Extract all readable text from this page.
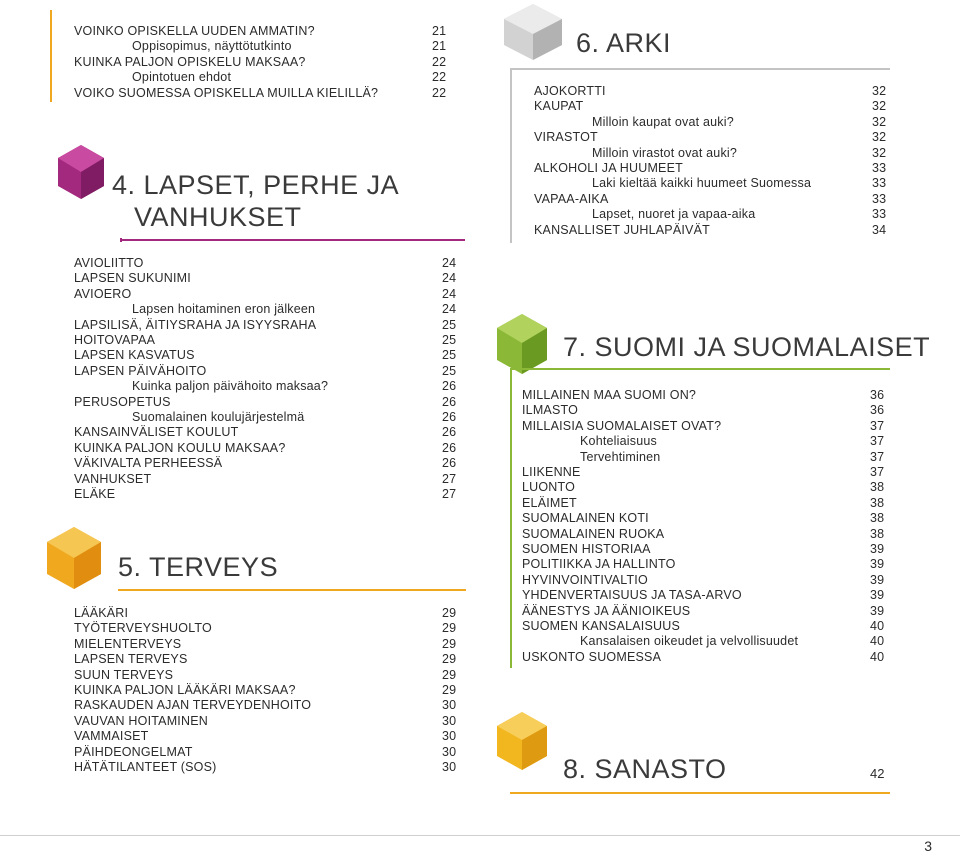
VOINKO OPISKELLA UUDEN AMMATIN?	21
Oppisopimus, näyttötutkinto	21
KUINKA PALJON OPISKELU MAKSAA?	22
Opintotuen ehdot	22
VOIKO SUOMESSA OPISKELLA MUILLA KIELILLÄ?	22
4. LAPSET, PERHE JA
VANHUKSET
AVIOLIITTO	24
LAPSEN SUKUNIMI	24
AVIOERO	24
Lapsen hoitaminen eron jälkeen	24
LAPSILISÄ, ÄITIYSRAHA JA ISYYSRAHA	25
HOITOVAPAA	25
LAPSEN KASVATUS	25
LAPSEN PÄIVÄHOITO	25
Kuinka paljon päivähoito maksaa?	26
PERUSOPETUS	26
Suomalainen koulujärjestelmä	26
KANSAINVÄLISET KOULUT	26
KUINKA PALJON KOULU MAKSAA?	26
VÄKIVALTA PERHEESSÄ	26
VANHUKSET	27
ELÄKE	27
5. TERVEYS
LÄÄKÄRI	29
TYÖTERVEYSHUOLTO	29
MIELENTERVEYS	29
LAPSEN TERVEYS	29
SUUN TERVEYS	29
KUINKA PALJON LÄÄKÄRI MAKSAA?	29
RASKAUDEN AJAN TERVEYDENHOITO	30
VAUVAN HOITAMINEN	30
VAMMAISET	30
PÄIHDEONGELMAT	30
HÄTÄTILANTEET (SOS)	30
6. ARKI
AJOKORTTI	32
KAUPAT	32
Milloin kaupat ovat auki?	32
VIRASTOT	32
Milloin virastot ovat auki?	32
ALKOHOLI JA HUUMEET	33
Laki kieltää kaikki huumeet Suomessa	33
VAPAA-AIKA	33
Lapset, nuoret ja vapaa-aika	33
KANSALLISET JUHLAPÄIVÄT	34
7. SUOMI JA SUOMALAISET
MILLAINEN MAA SUOMI ON?	36
ILMASTO	36
MILLAISIA SUOMALAISET OVAT?	37
Kohteliaisuus	37
Tervehtiminen	37
LIIKENNE	37
LUONTO	38
ELÄIMET	38
SUOMALAINEN KOTI	38
SUOMALAINEN RUOKA	38
SUOMEN HISTORIAA	39
POLITIIKKA JA HALLINTO	39
HYVINVOINTIVALTIO	39
YHDENVERTAISUUS JA TASA-ARVO	39
ÄÄNESTYS JA ÄÄNIOIKEUS	39
SUOMEN KANSALAISUUS	40
Kansalaisen oikeudet ja velvollisuudet	40
USKONTO SUOMESSA	40
8. SANASTO	42
3
